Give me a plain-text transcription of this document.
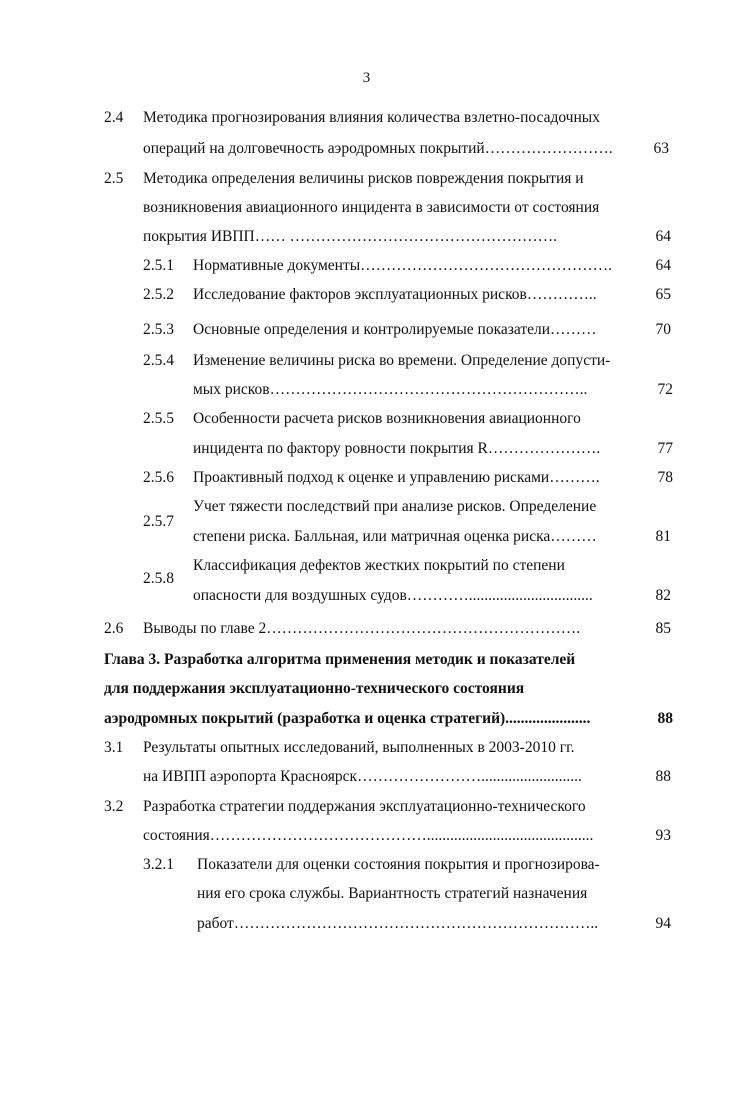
3
2.4 Методика прогнозирования влияния количества взлетно-посадочных
операций на долговечность аэродромных покрытий…………………….	63
2.5 Методика определения величины рисков повреждения покрытия и
возникновения авиационного инцидента в зависимости от состояния
покрытия ИВПП…… …………………………………………….	64
2.5.1 Нормативные документы………………………………………….	64
2.5.2 Исследование факторов эксплуатационных рисков…………..	65
2.5.3 Основные определения и контролируемые показатели………	70
2.5.4 Изменение величины риска во времени. Определение допусти-
мых рисков……………………………………………………..	72
2.5.5 Особенности расчета рисков возникновения авиационного
инцидента по фактору ровности покрытия R………………….	77
2.5.6 Проактивный подход к оценке и управлению рисками……….	78
2.5.7
Учет тяжести последствий при анализе рисков. Определение
степени риска. Балльная, или матричная оценка риска………	81
2.5.8
Классификация дефектов жестких покрытий по степени
опасности для воздушных судов…………................................	82
2.6 Выводы по главе 2…………………………………………………….	85
Глава 3. Разработка алгоритма применения методик и показателей
для поддержания эксплуатационно-технического состояния
аэродромных покрытий (разработка и оценка стратегий)......................	88
3.1 Результаты опытных исследований, выполненных в 2003-2010 гг.
на ИВПП аэропорта Красноярск……………………..........................	88
3.2 Разработка стратегии поддержания эксплуатационно-технического
состояния……………………………………...........................................	93
3.2.1 Показатели для оценки состояния покрытия и прогнозирова-
ния его срока службы. Вариантность стратегий назначения
работ……………………………………………………………..	94
